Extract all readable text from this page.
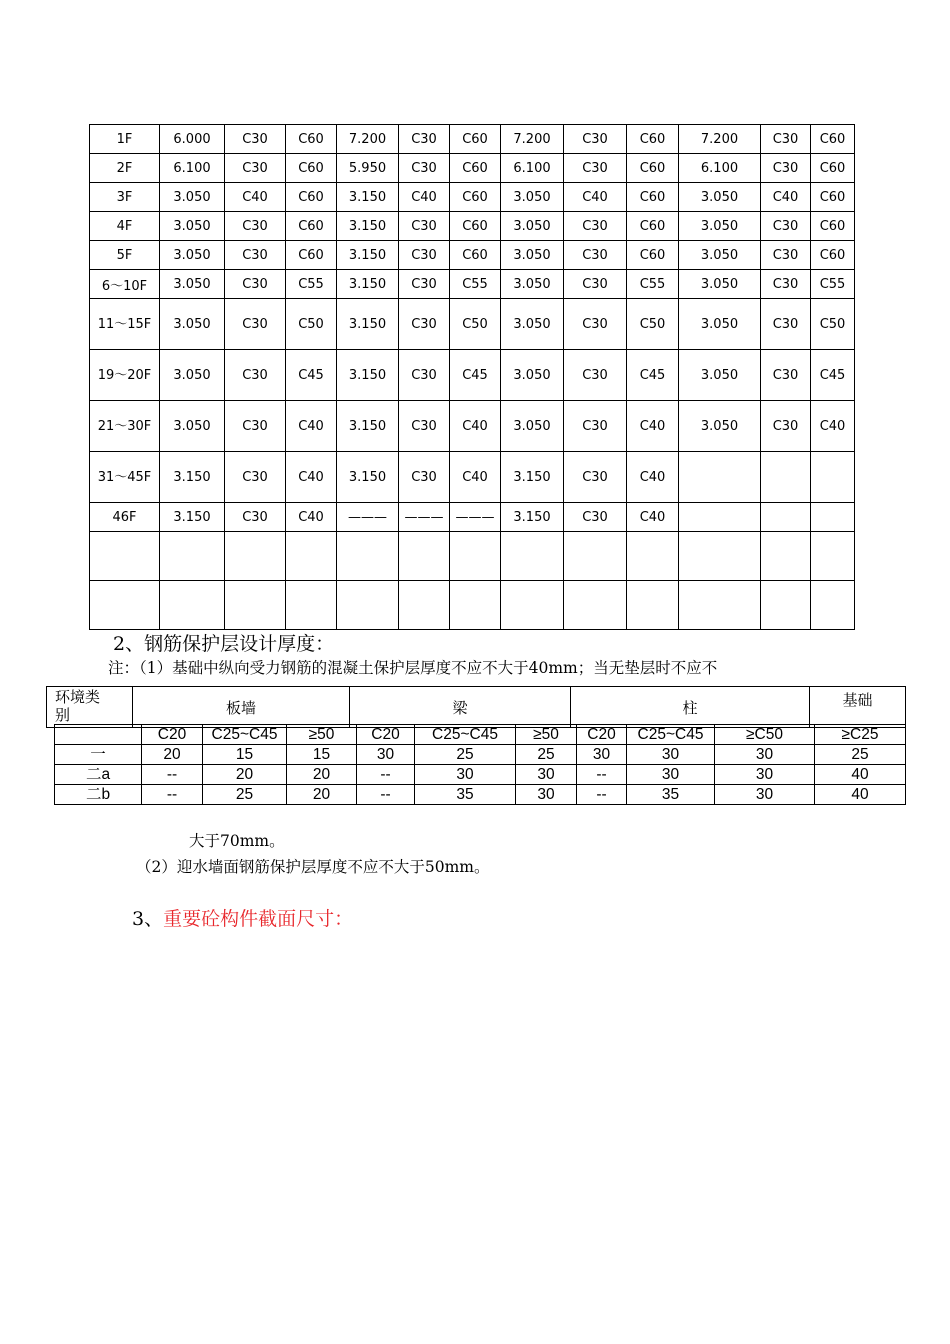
1F	6.000	C30	C60	7.200	C30	C60	7.200	C30	C60	7.200	C30	C60
2F	6.100	C30	C60	5.950	C30	C60	6.100	C30	C60	6.100	C30	C60
3F	3.050	C40	C60	3.150	C40	C60	3.050	C40	C60	3.050	C40	C60
4F	3.050	C30	C60	3.150	C30	C60	3.050	C30	C60	3.050	C30	C60
5F	3.050	C30	C60	3.150	C30	C60	3.050	C30	C60	3.050	C30	C60
6～10F	3.050	C30	C55	3.150	C30	C55	3.050	C30	C55	3.050	C30	C55
11～15F	3.050	C30	C50	3.150	C30	C50	3.050	C30	C50	3.050	C30	C50
19～20F	3.050	C30	C45	3.150	C30	C45	3.050	C30	C45	3.050	C30	C45
21～30F	3.050	C30	C40	3.150	C30	C40	3.050	C30	C40	3.050	C30	C40
31～45F	3.150	C30	C40	3.150	C30	C40	3.150	C30	C40			
46F	3.150	C30	C40	———	———	———	3.150	C30	C40			

2、钢筋保护层设计厚度：
注：（1）基础中纵向受力钢筋的混凝土保护层厚度不应不大于40mm；当无垫层时不应不
环境类
别	板墙	梁	柱	基础
	C20	C25~C45	≥50	C20	C25~C45	≥50	C20	C25~C45	≥C50	≥C25
一	20	15	15	30	25	25	30	30	30	25
二a	--	20	20	--	30	30	--	30	30	40
二b	--	25	20	--	35	30	--	35	30	40
大于70mm。
（2）迎水墙面钢筋保护层厚度不应不大于50mm。
3、重要砼构件截面尺寸：
